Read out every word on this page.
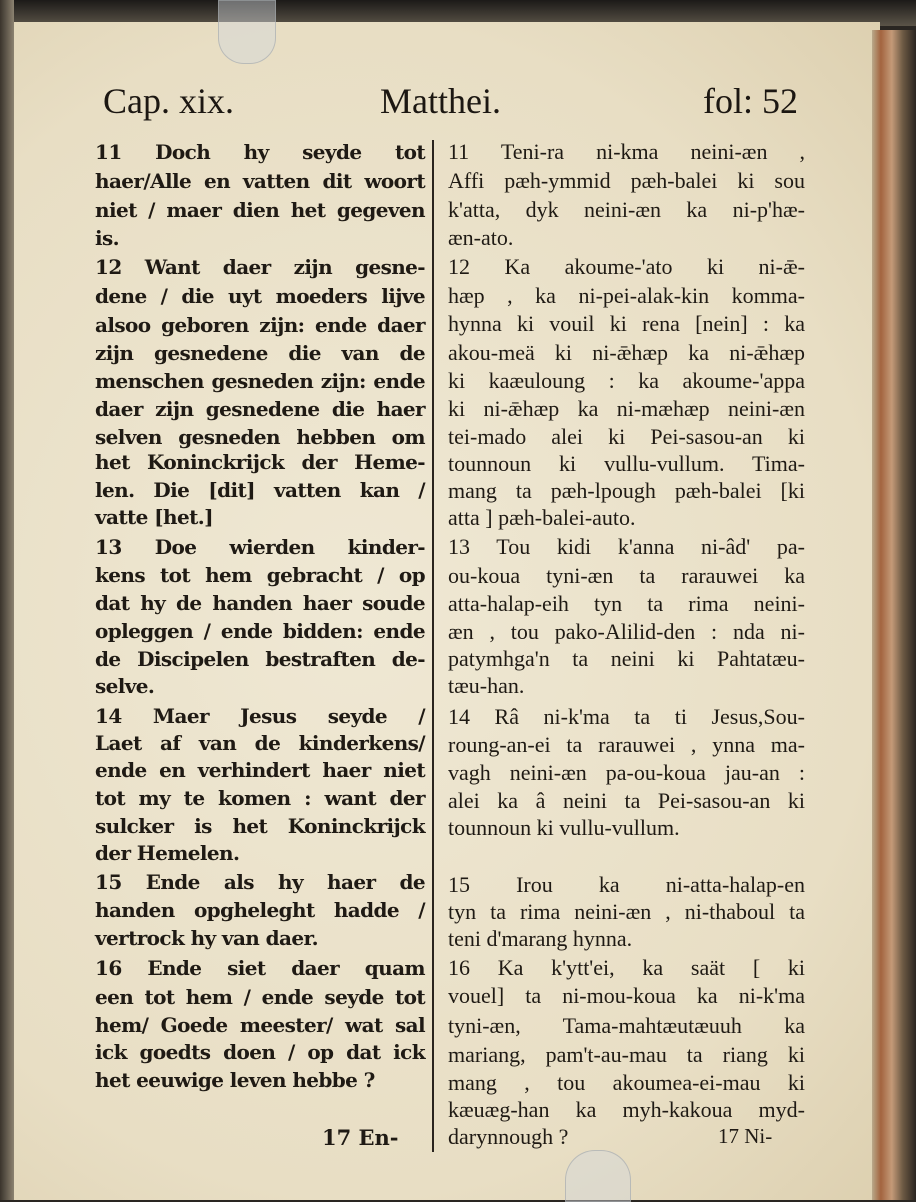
Cap. xix.	Matthei.	fol: 52
11 Doch hy seyde tot
haer/Alle en vatten dit woort
niet / maer dien het gegeven
is.
12 Want daer zijn gesne-
dene / die uyt moeders lijve
alsoo geboren zijn: ende daer
zijn gesnedene die van de
menschen gesneden zijn: ende
daer zijn gesnedene die haer
selven gesneden hebben om
het Koninckrijck der Heme-
len. Die [dit] vatten kan /
vatte [het.]
13 Doe wierden kinder-
kens tot hem gebracht / op
dat hy de handen haer soude
opleggen / ende bidden: ende
de Discipelen bestraften de-
selve.
14 Maer Jesus seyde /
Laet af van de kinderkens/
ende en verhindert haer niet
tot my te komen : want der
sulcker is het Koninckrijck
der Hemelen.
15 Ende als hy haer de
handen opgheleght hadde /
vertrock hy van daer.
16 Ende siet daer quam
een tot hem / ende seyde tot
hem/ Goede meester/ wat sal
ick goedts doen / op dat ick
het eeuwige leven hebbe ?
11 Teni-ra ni-kma neini-æn ,
Affi pæh-ymmid pæh-balei ki sou
k'atta, dyk neini-æn ka ni-p'hæ-
æn-ato.
12 Ka akoume-'ato ki ni-ǣ-
hæp , ka ni-pei-alak-kin komma-
hynna ki vouil ki rena [nein] : ka
akou-meä ki ni-ǣhæp ka ni-ǣhæp
ki kaæuloung : ka akoume-'appa
ki ni-ǣhæp ka ni-mæhæp neini-æn
tei-mado alei ki Pei-sasou-an ki
tounnoun ki vullu-vullum. Tima-
mang ta pæh-lpough pæh-balei [ki
atta ] pæh-balei-auto.
13 Tou kidi k'anna ni-âd' pa-
ou-koua tyni-æn ta rarauwei ka
atta-halap-eih tyn ta rima neini-
æn , tou pako-Alilid-den : nda ni-
patymhga'n ta neini ki Pahtatæu-
tæu-han.
14 Râ ni-k'ma ta ti Jesus,Sou-
roung-an-ei ta rarauwei , ynna ma-
vagh neini-æn pa-ou-koua jau-an :
alei ka â neini ta Pei-sasou-an ki
tounnoun ki vullu-vullum.
15 Irou ka ni-atta-halap-en
tyn ta rima neini-æn , ni-thaboul ta
teni d'marang hynna.
16 Ka k'ytt'ei, ka saät [ ki
vouel] ta ni-mou-koua ka ni-k'ma
tyni-æn, Tama-mahtæutæuuh ka
mariang, pam't-au-mau ta riang ki
mang , tou akoumea-ei-mau ki
kæuæg-han ka myh-kakoua myd-
darynnough ?
17 En-	17 Ni-
